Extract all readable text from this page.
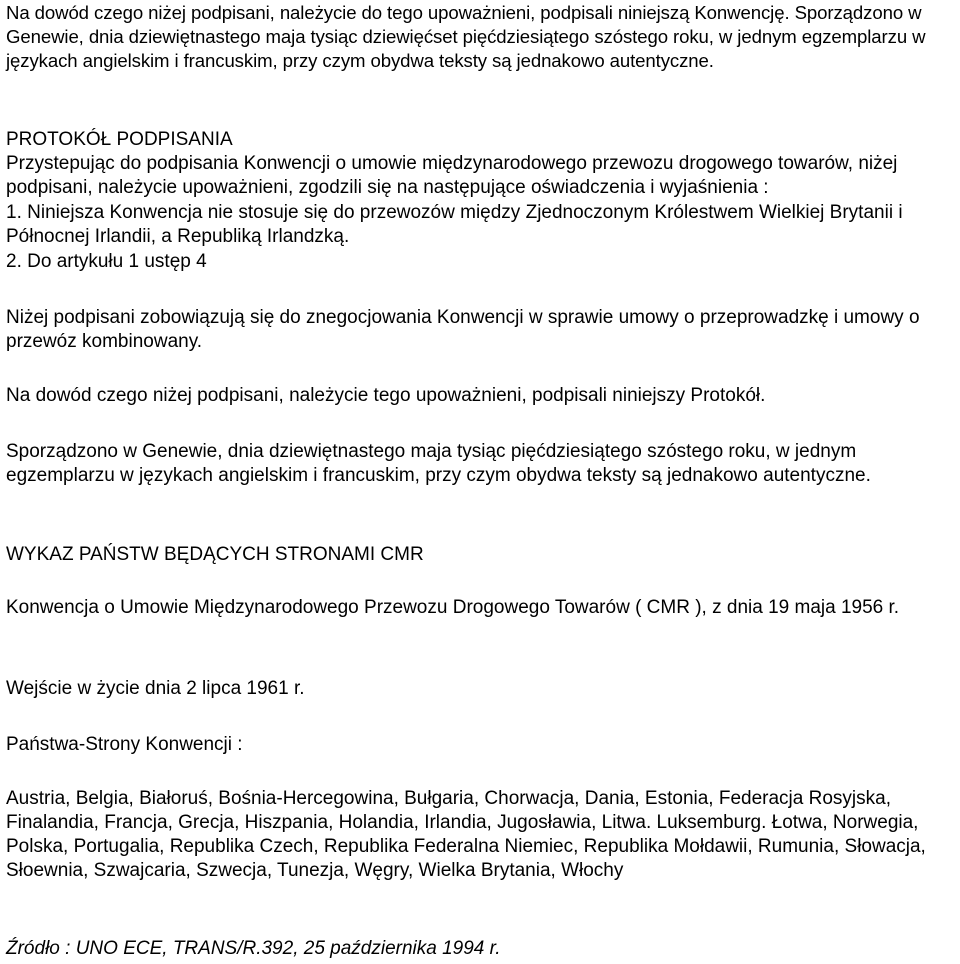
Na dowód czego niżej podpisani, należycie do tego upoważnieni, podpisali niniejszą Konwencję. Sporządzono w Genewie, dnia dziewiętnastego maja tysiąc dziewięćset pięćdziesiątego szóstego roku, w jednym egzemplarzu w językach angielskim i francuskim, przy czym obydwa teksty są jednakowo autentyczne.

PROTOKÓŁ PODPISANIA

Przystepując do podpisania Konwencji o umowie międzynarodowego przewozu drogowego towarów, niżej podpisani, należycie upoważnieni, zgodzili się na następujące oświadczenia i wyjaśnienia :

1. Niniejsza Konwencja nie stosuje się do przewozów między Zjednoczonym Królestwem Wielkiej Brytanii i Północnej Irlandii, a Republiką Irlandzką.

2. Do artykułu 1 ustęp 4

Niżej podpisani zobowiązują się do znegocjowania Konwencji w sprawie umowy o przeprowadzkę i umowy o przewóz kombinowany.

Na dowód czego niżej podpisani, należycie tego upoważnieni, podpisali niniejszy Protokół.

Sporządzono w Genewie, dnia dziewiętnastego maja tysiąc pięćdziesiątego szóstego roku, w jednym egzemplarzu w językach angielskim i francuskim, przy czym obydwa teksty są jednakowo autentyczne.

WYKAZ PAŃSTW BĘDĄCYCH STRONAMI CMR

Konwencja o Umowie Międzynarodowego Przewozu Drogowego Towarów ( CMR ), z dnia 19 maja 1956 r.

Wejście w życie dnia 2 lipca 1961 r.

Państwa-Strony Konwencji :

Austria, Belgia, Białoruś, Bośnia-Hercegowina, Bułgaria, Chorwacja, Dania, Estonia, Federacja Rosyjska, Finalandia, Francja, Grecja, Hiszpania, Holandia, Irlandia, Jugosławia, Litwa. Luksemburg. Łotwa, Norwegia, Polska, Portugalia, Republika Czech, Republika Federalna Niemiec, Republika Mołdawii, Rumunia, Słowacja, Słoewnia, Szwajcaria, Szwecja, Tunezja, Węgry, Wielka Brytania, Włochy

Źródło : UNO ECE, TRANS/R.392, 25 października 1994 r.
